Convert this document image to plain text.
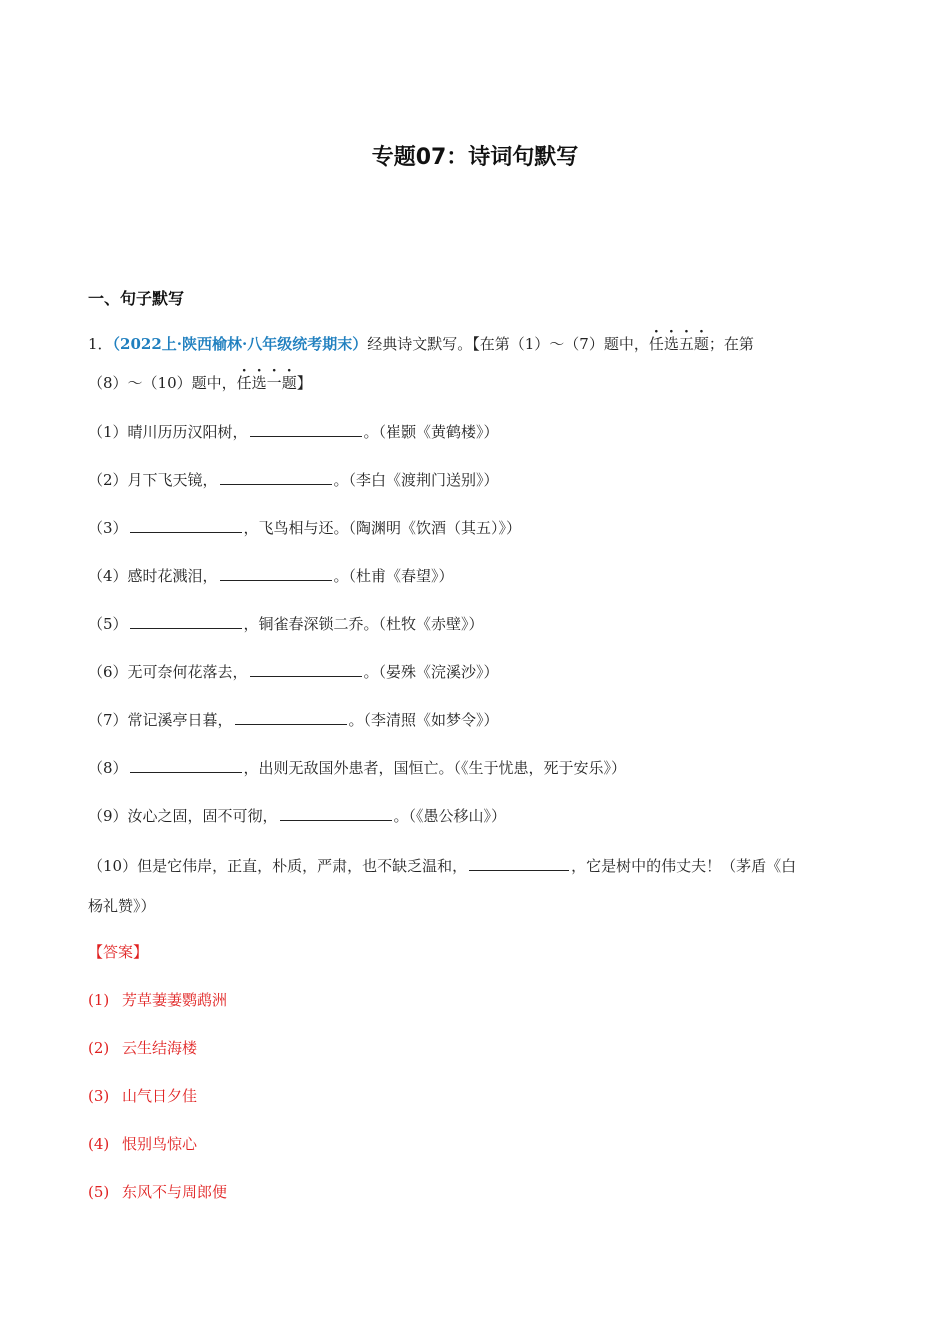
专题07：诗词句默写
一、句子默写
1．（2022上·陕西榆林·八年级统考期末）经典诗文默写。【在第（1）～（7）题中，任选五题；在第
（8）～（10）题中，任选一题】
（1）晴川历历汉阳树，	。（崔颢《黄鹤楼》）
（2）月下飞天镜，	。（李白《渡荆门送别》）
（3）	，飞鸟相与还。（陶渊明《饮酒（其五）》）
（4）感时花溅泪，	。（杜甫《春望》）
（5）	，铜雀春深锁二乔。（杜牧《赤壁》）
（6）无可奈何花落去，	。（晏殊《浣溪沙》）
（7）常记溪亭日暮，	。（李清照《如梦令》）
（8）	，出则无敌国外患者，国恒亡。（《生于忧患，死于安乐》）
（9）汝心之固，固不可彻，	。（《愚公移山》）
（10）但是它伟岸，正直，朴质，严肃，也不缺乏温和，	，它是树中的伟丈夫！（茅盾《白
杨礼赞》）
【答案】
(1) 芳草萋萋鹦鹉洲
(2) 云生结海楼
(3) 山气日夕佳
(4) 恨别鸟惊心
(5) 东风不与周郎便
